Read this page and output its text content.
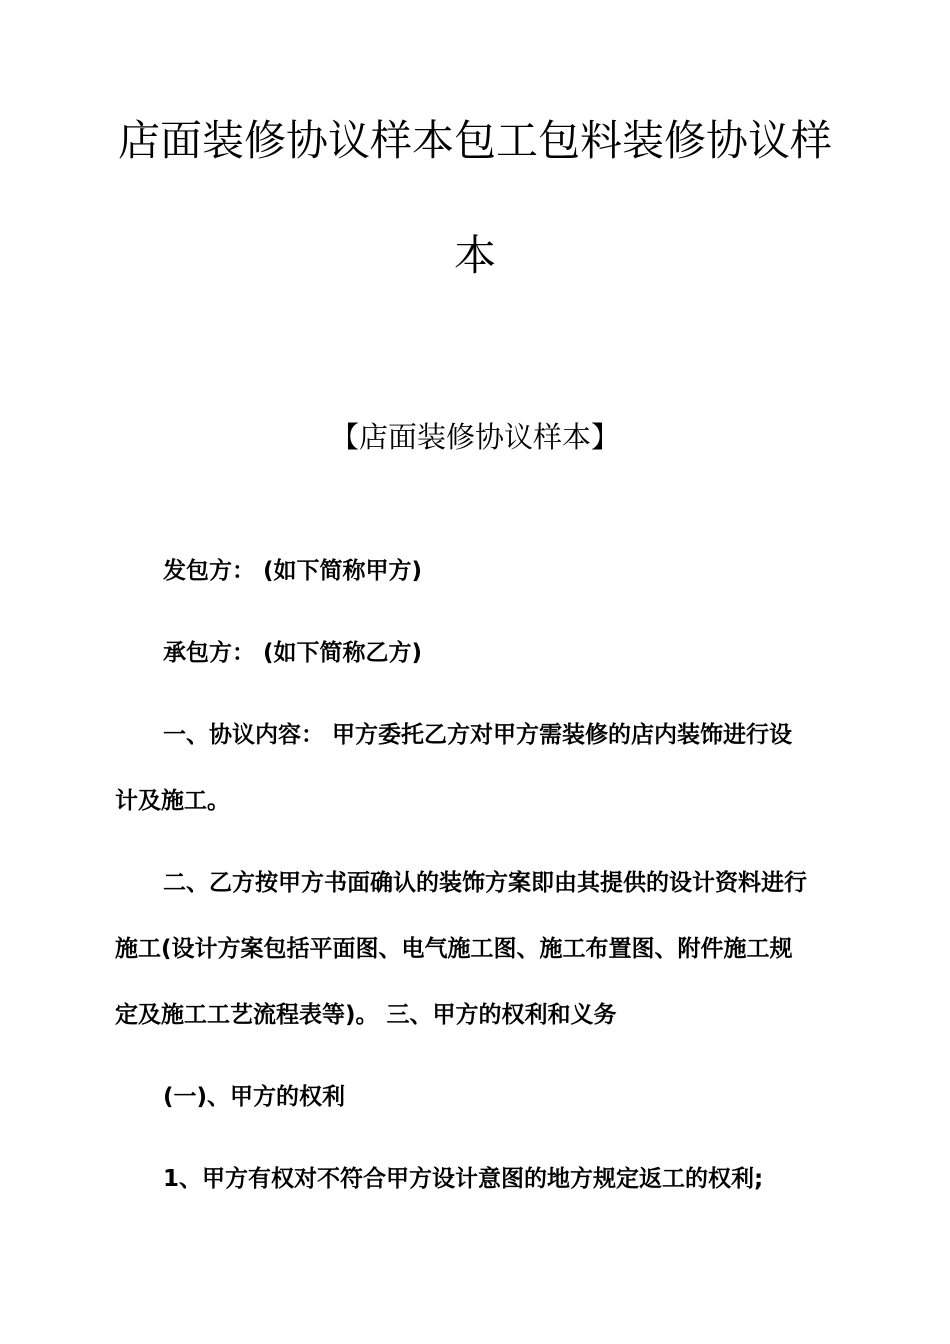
店面装修协议样本包工包料装修协议样
本
【店面装修协议样本】
发包方： (如下简称甲方)
承包方： (如下简称乙方)
一、协议内容： 甲方委托乙方对甲方需装修的店内装饰进行设
计及施工。
二、乙方按甲方书面确认的装饰方案即由其提供的设计资料进行
施工(设计方案包括平面图、电气施工图、施工布置图、附件施工规
定及施工工艺流程表等)。 三、甲方的权利和义务
(一)、甲方的权利
1、甲方有权对不符合甲方设计意图的地方规定返工的权利;
